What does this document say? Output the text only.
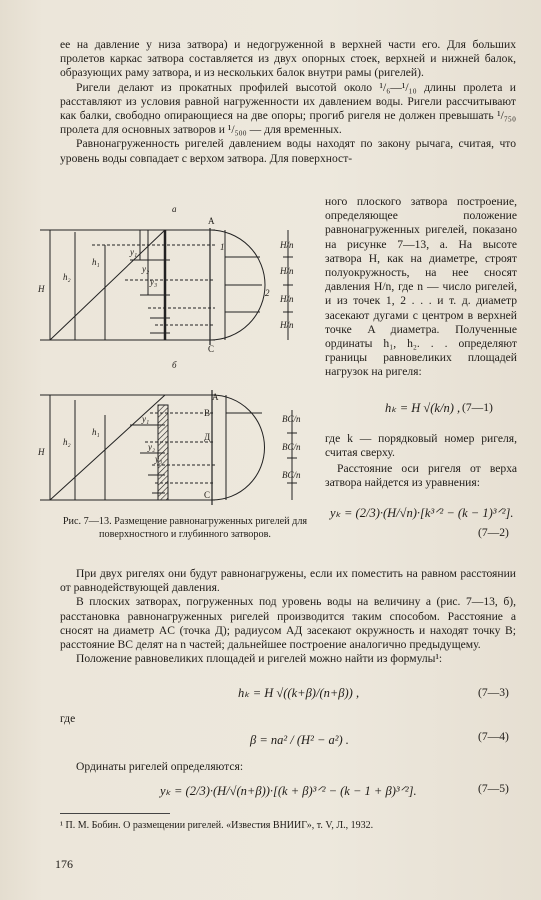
ее на давление у низа затвора) и недогруженной в верхней части его. Для больших пролетов каркас затвора составляется из двух опорных стоек, верхней и нижней балок, образующих раму затвора, и из нескольких балок внутри рамы (ригелей).

Ригели делают из прокатных профилей высотой около ¹/₆—¹/₁₀ длины пролета и расставляют из условия равной нагруженности их давлением воды. Ригели рассчитывают как балки, свободно опирающиеся на две опоры; прогиб ригеля не должен превышать ¹/₇₅₀ пролета для основных затворов и ¹/₅₀₀ — для временных.

Равнонагруженность ригелей давлением воды находят по закону рычага, считая, что уровень воды совпадает с верхом затвора. Для поверхност-

а
А
H
h₂
h₁
y₁
y₂
y₃
1
2
С
H/n
H/n
H/n
H/n
б
А
В
Д
С
H
h₂
h₁
y₁
y₂
y₃
BC/n
BC/n
BC/n
ного плоского затвора построение, определяющее положение равнонагруженных ригелей, показано на рисунке 7—13, а. На высоте затвора H, как на диаметре, строят полуокружность, на нее сносят давления H/n, где n — число ригелей, и из точек 1, 2 . . . и т. д. диаметр засекают дугами с центром в верхней точке A диаметра. Полученные ординаты h₁, h₂. . . определяют границы равновеликих площадей нагрузок на ригеля:
hₖ = H √(k/n) , (7—1)
где k — порядковый номер ригеля, считая сверху.
Расстояние оси ригеля от верха затвора найдется из уравнения:
yₖ = (2/3)·(H/√n)·[k³ᐟ² − (k − 1)³ᐟ²].
(7—2)
Рис. 7—13. Размещение равнонагруженных ригелей для поверхностного и глубинного затворов.

При двух ригелях они будут равнонагружены, если их поместить на равном расстоянии от равнодействующей давления.

В плоских затворах, погруженных под уровень воды на величину a (рис. 7—13, б), расстановка равнонагруженных ригелей производится таким способом. Расстояние a сносят на диаметр AC (точка Д); радиусом АД засекают окружность и находят точку B; расстояние BC делят на n частей; дальнейшее построение аналогично предыдущему.

Положение равновеликих площадей и ригелей можно найти из формулы¹:

hₖ = H √((k+β)/(n+β)) ,	(7—3)
где
β = na² / (H² − a²) .	(7—4)
Ординаты ригелей определяются:
yₖ = (2/3)·(H/√(n+β))·[(k + β)³ᐟ² − (k − 1 + β)³ᐟ²].	(7—5)
¹ П. М. Бобин. О размещении ригелей. «Известия ВНИИГ», т. V, Л., 1932.
176
